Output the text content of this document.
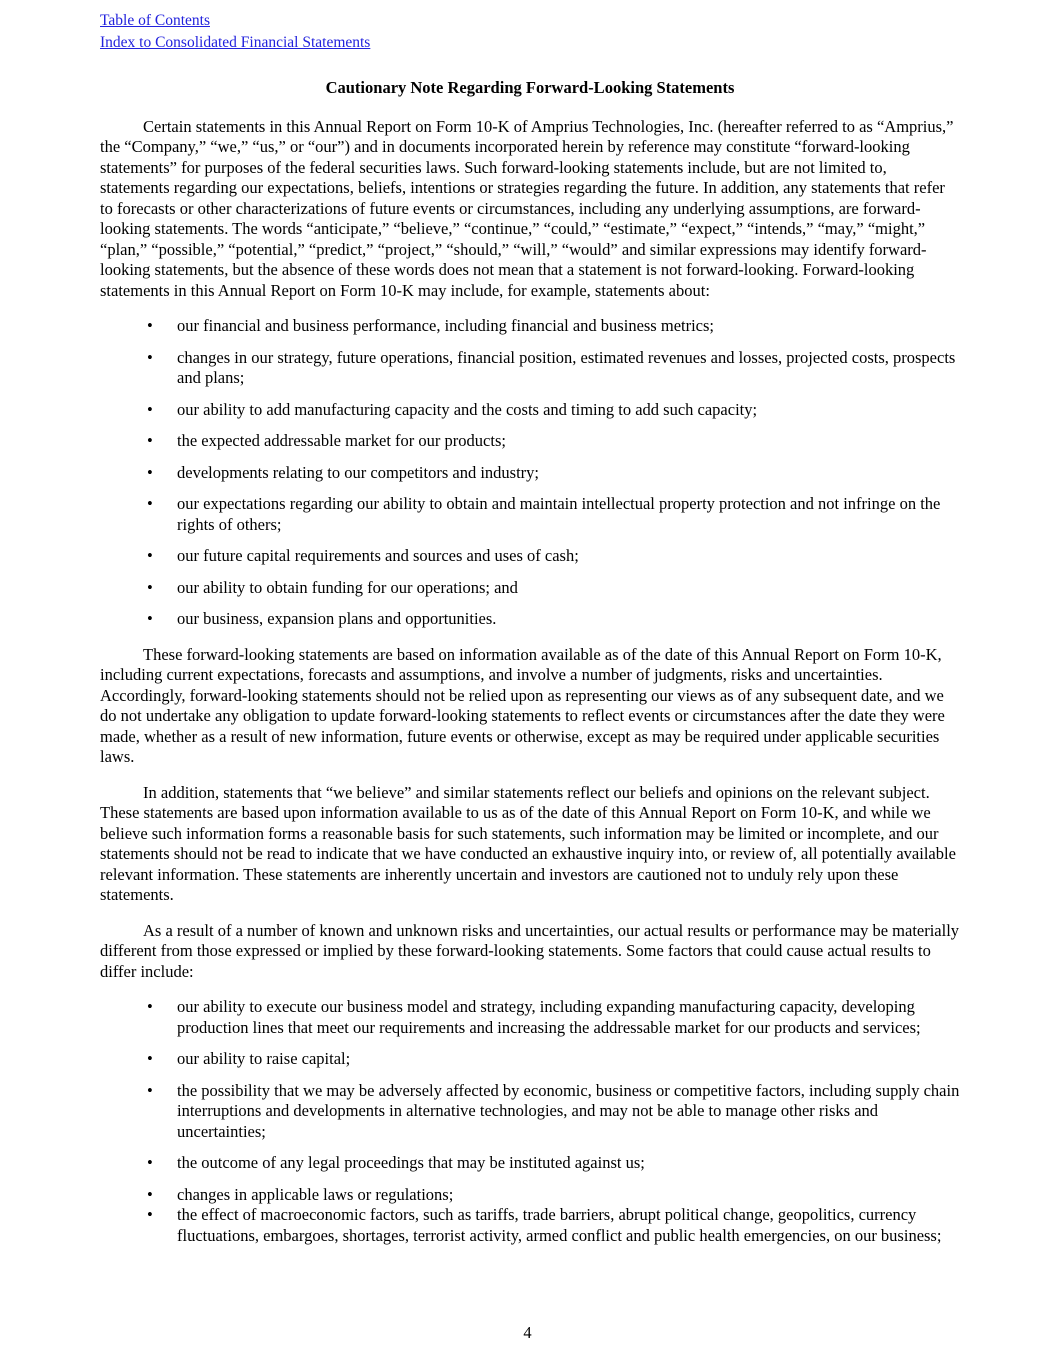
Table of Contents
Index to Consolidated Financial Statements
Cautionary Note Regarding Forward-Looking Statements

Certain statements in this Annual Report on Form 10-K of Amprius Technologies, Inc. (hereafter referred to as “Amprius,” the “Company,” “we,” “us,” or “our”) and in documents incorporated herein by reference may constitute “forward-looking statements” for purposes of the federal securities laws. Such forward-looking statements include, but are not limited to, statements regarding our expectations, beliefs, intentions or strategies regarding the future. In addition, any statements that refer to forecasts or other characterizations of future events or circumstances, including any underlying assumptions, are forward-looking statements. The words “anticipate,” “believe,” “continue,” “could,” “estimate,” “expect,” “intends,” “may,” “might,” “plan,” “possible,” “potential,” “predict,” “project,” “should,” “will,” “would” and similar expressions may identify forward-looking statements, but the absence of these words does not mean that a statement is not forward-looking. Forward-looking statements in this Annual Report on Form 10-K may include, for example, statements about:

• our financial and business performance, including financial and business metrics;
• changes in our strategy, future operations, financial position, estimated revenues and losses, projected costs, prospects and plans;
• our ability to add manufacturing capacity and the costs and timing to add such capacity;
• the expected addressable market for our products;
• developments relating to our competitors and industry;
• our expectations regarding our ability to obtain and maintain intellectual property protection and not infringe on the rights of others;
• our future capital requirements and sources and uses of cash;
• our ability to obtain funding for our operations; and
• our business, expansion plans and opportunities.

These forward-looking statements are based on information available as of the date of this Annual Report on Form 10-K, including current expectations, forecasts and assumptions, and involve a number of judgments, risks and uncertainties. Accordingly, forward-looking statements should not be relied upon as representing our views as of any subsequent date, and we do not undertake any obligation to update forward-looking statements to reflect events or circumstances after the date they were made, whether as a result of new information, future events or otherwise, except as may be required under applicable securities laws.

In addition, statements that “we believe” and similar statements reflect our beliefs and opinions on the relevant subject. These statements are based upon information available to us as of the date of this Annual Report on Form 10-K, and while we believe such information forms a reasonable basis for such statements, such information may be limited or incomplete, and our statements should not be read to indicate that we have conducted an exhaustive inquiry into, or review of, all potentially available relevant information. These statements are inherently uncertain and investors are cautioned not to unduly rely upon these statements.

As a result of a number of known and unknown risks and uncertainties, our actual results or performance may be materially different from those expressed or implied by these forward-looking statements. Some factors that could cause actual results to differ include:

• our ability to execute our business model and strategy, including expanding manufacturing capacity, developing production lines that meet our requirements and increasing the addressable market for our products and services;
• our ability to raise capital;
• the possibility that we may be adversely affected by economic, business or competitive factors, including supply chain interruptions and developments in alternative technologies, and may not be able to manage other risks and uncertainties;
• the outcome of any legal proceedings that may be instituted against us;
• changes in applicable laws or regulations;
• the effect of macroeconomic factors, such as tariffs, trade barriers, abrupt political change, geopolitics, currency fluctuations, embargoes, shortages, terrorist activity, armed conflict and public health emergencies, on our business;
4
